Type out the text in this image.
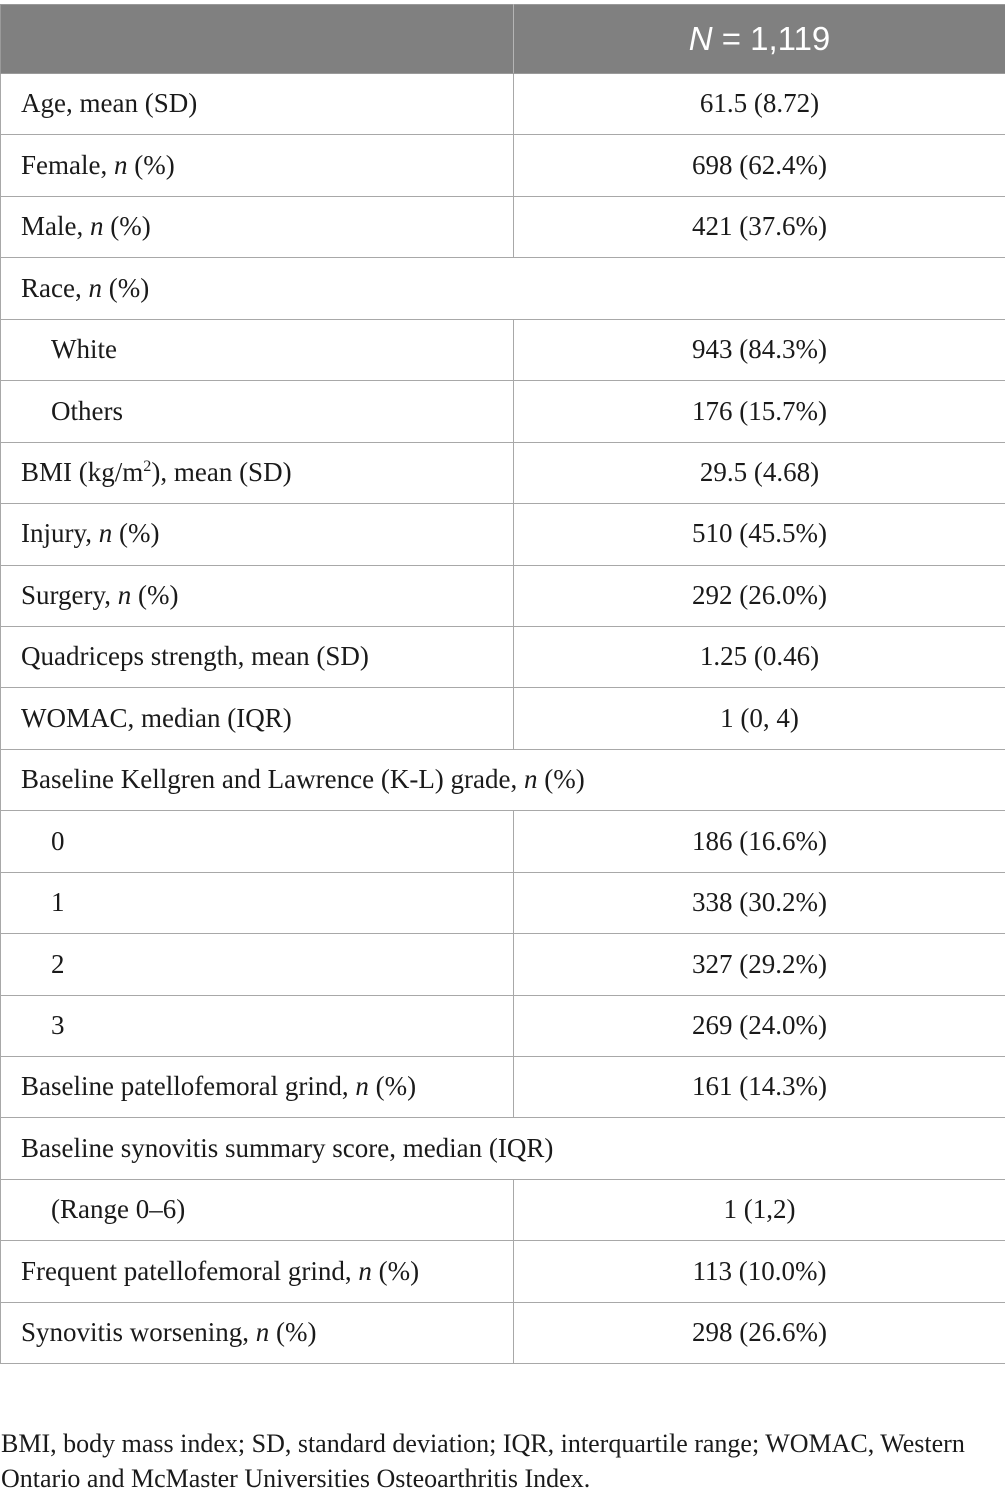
	N = 1,119
Age, mean (SD)	61.5 (8.72)
Female, n (%)	698 (62.4%)
Male, n (%)	421 (37.6%)
Race, n (%)	
White	943 (84.3%)
Others	176 (15.7%)
BMI $(kg/m^2)$, mean (SD)	29.5 (4.68)
Injury, n (%)	510 (45.5%)
Surgery, n (%)	292 (26.0%)
Quadriceps strength, mean (SD)	1.25 (0.46)
WOMAC, median (IQR)	1 (0, 4)
Baseline Kellgren and Lawrence (K-L) grade, n (%)	
0	186 (16.6%)
1	338 (30.2%)
2	327 (29.2%)
3	269 (24.0%)
Baseline patellofemoral grind, n (%)	161 (14.3%)
Baseline synovitis summary score, median (IQR)	
(Range 0–6)	1 (1,2)
Frequent patellofemoral grind, n (%)	113 (10.0%)
Synovitis worsening, n (%)	298 (26.6%)
BMI, body mass index; SD, standard deviation; IQR, interquartile range; WOMAC, Western Ontario and McMaster Universities Osteoarthritis Index.
